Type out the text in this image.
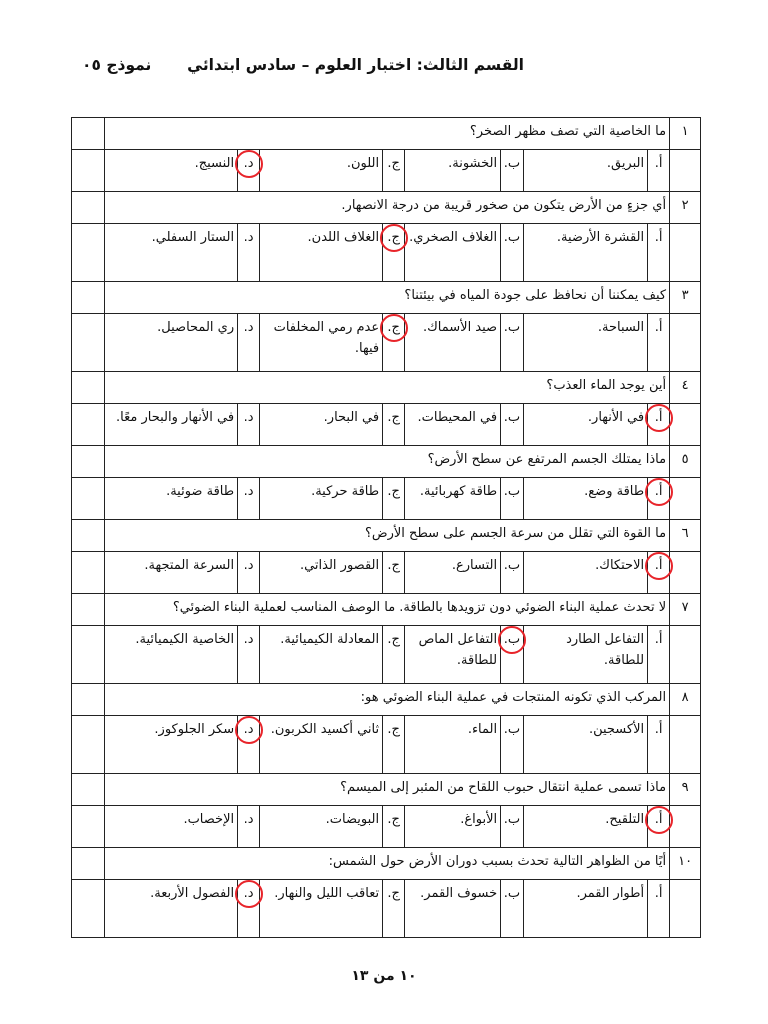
القسم الثالث: اختبار العلوم – سادس ابتدائي
نموذج ٠٥
١	ما الخاصية التي تصف مظهر الصخر؟								
	أ.	البريق.	ب.	الخشونة.	ج.	اللون.	د.	النسيج.	
٢	أي جزءٍ من الأرض يتكون من صخور قريبة من درجة الانصهار.								
	أ.	القشرة الأرضية.	ب.	الغلاف الصخري.	ج.	الغلاف اللدن.	د.	الستار السفلي.	
٣	كيف يمكننا أن نحافظ على جودة المياه في بيئتنا؟								
	أ.	السباحة.	ب.	صيد الأسماك.	ج.	عدم رمي المخلفات فيها.	د.	ري المحاصيل.	
٤	أين يوجد الماء العذب؟								
	أ.	في الأنهار.	ب.	في المحيطات.	ج.	في البحار.	د.	في الأنهار والبحار معًا.	
٥	ماذا يمتلك الجسم المرتفع عن سطح الأرض؟								
	أ.	طاقة وضع.	ب.	طاقة كهربائية.	ج.	طاقة حركية.	د.	طاقة ضوئية.	
٦	ما القوة التي تقلل من سرعة الجسم على سطح الأرض؟								
	أ.	الاحتكاك.	ب.	التسارع.	ج.	القصور الذاتي.	د.	السرعة المتجهة.	
٧	لا تحدث عملية البناء الضوئي دون تزويدها بالطاقة. ما الوصف المناسب لعملية البناء الضوئي؟								
	أ.	التفاعل الطارد للطاقة.	ب.	التفاعل الماص للطاقة.	ج.	المعادلة الكيميائية.	د.	الخاصية الكيميائية.	
٨	المركب الذي تكونه المنتجات في عملية البناء الضوئي هو:								
	أ.	الأكسجين.	ب.	الماء.	ج.	ثاني أكسيد الكربون.	د.	سكر الجلوكوز.	
٩	ماذا تسمى عملية انتقال حبوب اللقاح من المئبر إلى الميسم؟								
	أ.	التلقيح.	ب.	الأبواغ.	ج.	البويضات.	د.	الإخصاب.	
١٠	أيًا من الظواهر التالية تحدث بسبب دوران الأرض حول الشمس:								
	أ.	أطوار القمر.	ب.	خسوف القمر.	ج.	تعاقب الليل والنهار.	د.	الفصول الأربعة.	
١٠ من ١٣
